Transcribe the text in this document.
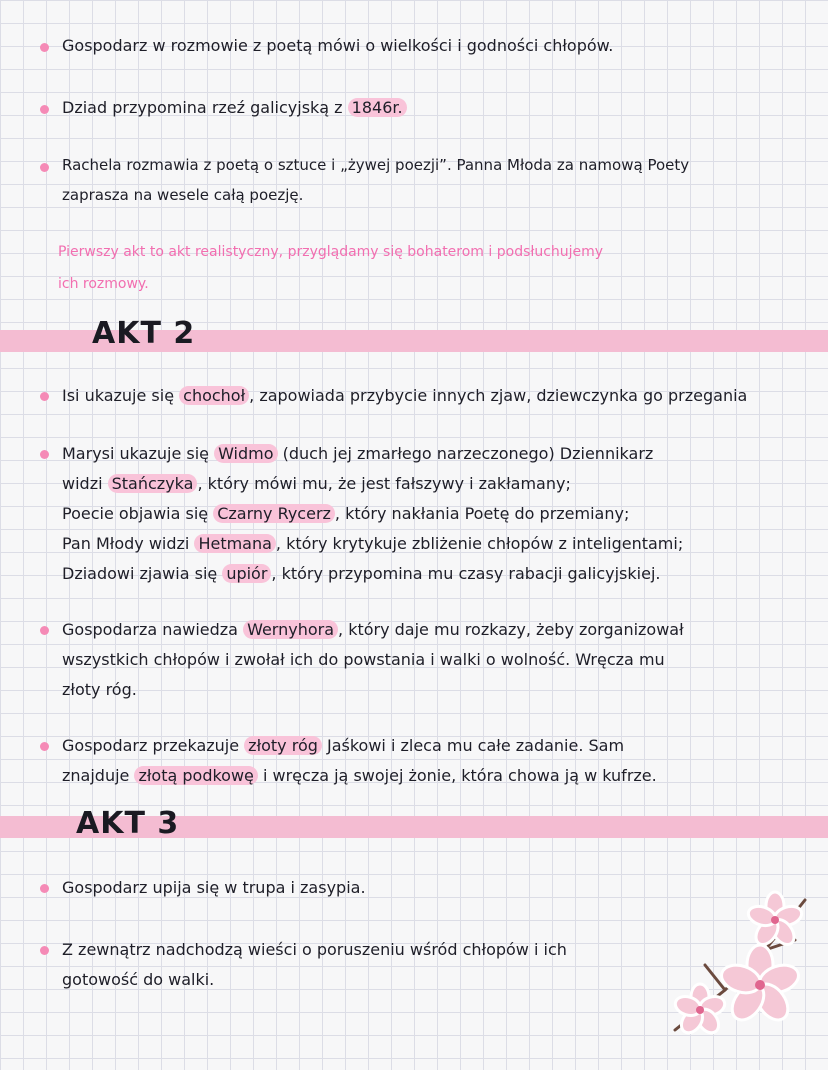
Gospodarz w rozmowie z poetą mówi o wielkości i godności chłopów.
Dziad przypomina rzeź galicyjską z 1846r.
Rachela rozmawia z poetą o sztuce i „żywej poezji”. Panna Młoda za namową Poety
zaprasza na wesele całą poezję.
Pierwszy akt to akt realistyczny, przyglądamy się bohaterom i podsłuchujemy
ich rozmowy.
AKT 2
Isi ukazuje się chochoł , zapowiada przybycie innych zjaw, dziewczynka go przegania
Marysi ukazuje się Widmo (duch jej zmarłego narzeczonego) Dziennikarz
widzi Stańczyka , który mówi mu, że jest fałszywy i zakłamany;
Poecie objawia się Czarny Rycerz , który nakłania Poetę do przemiany;
Pan Młody widzi Hetmana , który krytykuje zbliżenie chłopów z inteligentami;
Dziadowi zjawia się upiór , który przypomina mu czasy rabacji galicyjskiej.
Gospodarza nawiedza Wernyhora , który daje mu rozkazy, żeby zorganizował
wszystkich chłopów i zwołał ich do powstania i walki o wolność. Wręcza mu
złoty róg.
Gospodarz przekazuje złoty róg Jaśkowi i zleca mu całe zadanie. Sam
znajduje złotą podkowę i wręcza ją swojej żonie, która chowa ją w kufrze.
AKT 3
Gospodarz upija się w trupa i zasypia.
Z zewnątrz nadchodzą wieści o poruszeniu wśród chłopów i ich
gotowość do walki.
